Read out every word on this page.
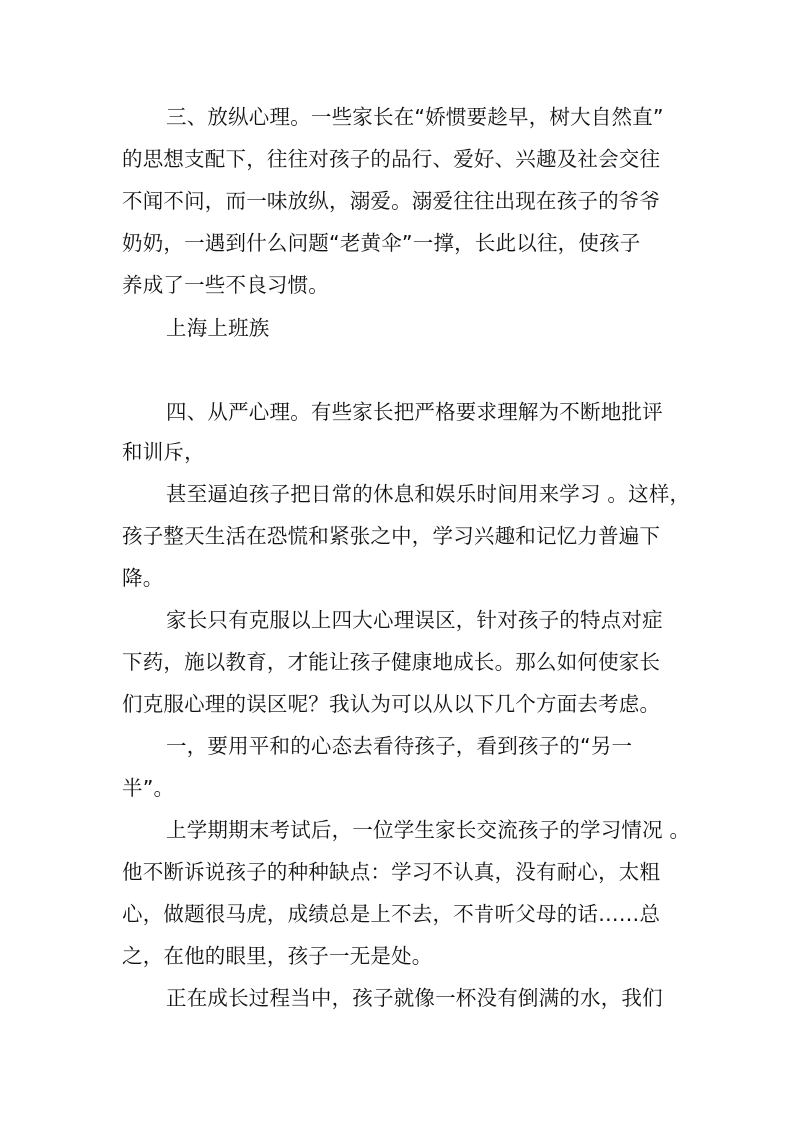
三、放纵心理。一些家长在“娇惯要趁早，树大自然直”
的思想支配下，往往对孩子的品行、爱好、兴趣及社会交往
不闻不问，而一味放纵，溺爱。溺爱往往出现在孩子的爷爷
奶奶，一遇到什么问题“老黄伞”一撑，长此以往，使孩子
养成了一些不良习惯。
上海上班族
四、从严心理。有些家长把严格要求理解为不断地批评
和训斥，
甚至逼迫孩子把日常的休息和娱乐时间用来学习 。这样，
孩子整天生活在恐慌和紧张之中，学习兴趣和记忆力普遍下
降。
家长只有克服以上四大心理误区，针对孩子的特点对症
下药，施以教育，才能让孩子健康地成长。那么如何使家长
们克服心理的误区呢？我认为可以从以下几个方面去考虑。
一，要用平和的心态去看待孩子，看到孩子的“另一
半”。
上学期期末考试后，一位学生家长交流孩子的学习情况 。
他不断诉说孩子的种种缺点：学习不认真，没有耐心，太粗
心，做题很马虎，成绩总是上不去，不肯听父母的话……总
之，在他的眼里，孩子一无是处。
正在成长过程当中，孩子就像一杯没有倒满的水，我们
